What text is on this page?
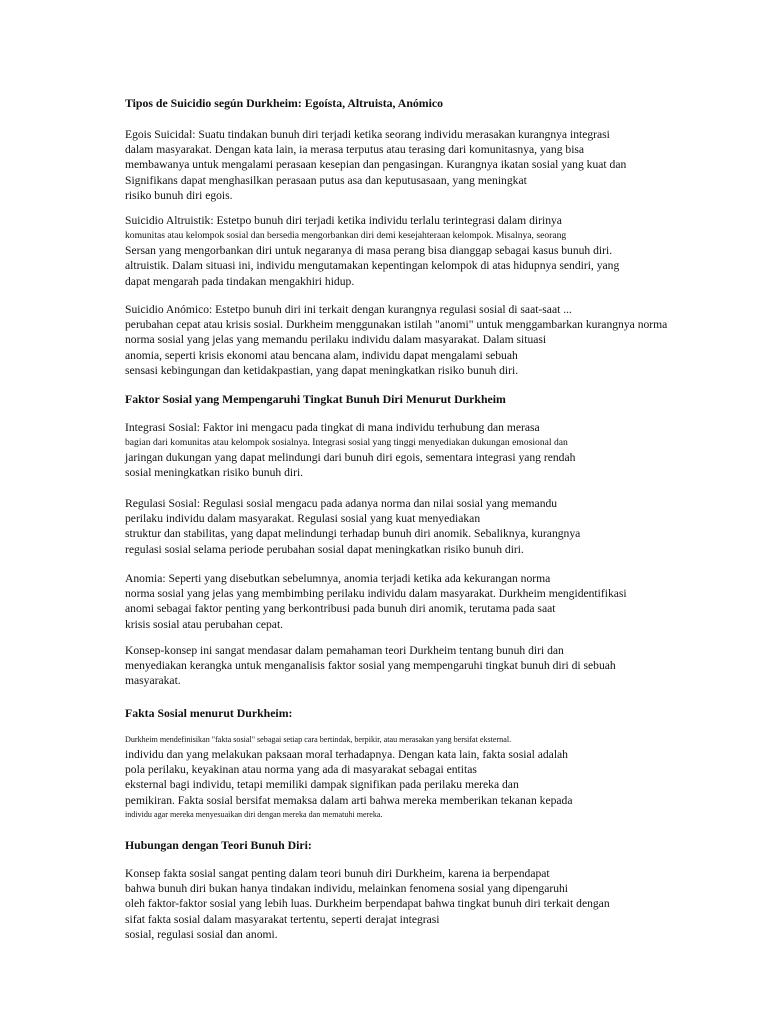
Tipos de Suicidio según Durkheim: Egoísta, Altruista, Anómico
Egois Suicidal: Suatu tindakan bunuh diri terjadi ketika seorang individu merasakan kurangnya integrasi
dalam masyarakat. Dengan kata lain, ia merasa terputus atau terasing dari komunitasnya, yang bisa
membawanya untuk mengalami perasaan kesepian dan pengasingan. Kurangnya ikatan sosial yang kuat dan
Signifikans dapat menghasilkan perasaan putus asa dan keputusasaan, yang meningkat
risiko bunuh diri egois.
Suicidio Altruistik: Estetpo bunuh diri terjadi ketika individu terlalu terintegrasi dalam dirinya
komunitas atau kelompok sosial dan bersedia mengorbankan diri demi kesejahteraan kelompok. Misalnya, seorang
Sersan yang mengorbankan diri untuk negaranya di masa perang bisa dianggap sebagai kasus bunuh diri.
altruistik. Dalam situasi ini, individu mengutamakan kepentingan kelompok di atas hidupnya sendiri, yang
dapat mengarah pada tindakan mengakhiri hidup.
Suicidio Anómico: Estetpo bunuh diri ini terkait dengan kurangnya regulasi sosial di saat-saat ...
perubahan cepat atau krisis sosial. Durkheim menggunakan istilah "anomi" untuk menggambarkan kurangnya norma
norma sosial yang jelas yang memandu perilaku individu dalam masyarakat. Dalam situasi
anomia, seperti krisis ekonomi atau bencana alam, individu dapat mengalami sebuah
sensasi kebingungan dan ketidakpastian, yang dapat meningkatkan risiko bunuh diri.
Faktor Sosial yang Mempengaruhi Tingkat Bunuh Diri Menurut Durkheim
Integrasi Sosial: Faktor ini mengacu pada tingkat di mana individu terhubung dan merasa
bagian dari komunitas atau kelompok sosialnya. Integrasi sosial yang tinggi menyediakan dukungan emosional dan
jaringan dukungan yang dapat melindungi dari bunuh diri egois, sementara integrasi yang rendah
sosial meningkatkan risiko bunuh diri.
Regulasi Sosial: Regulasi sosial mengacu pada adanya norma dan nilai sosial yang memandu
perilaku individu dalam masyarakat. Regulasi sosial yang kuat menyediakan
struktur dan stabilitas, yang dapat melindungi terhadap bunuh diri anomik. Sebaliknya, kurangnya
regulasi sosial selama periode perubahan sosial dapat meningkatkan risiko bunuh diri.
Anomia: Seperti yang disebutkan sebelumnya, anomia terjadi ketika ada kekurangan norma
norma sosial yang jelas yang membimbing perilaku individu dalam masyarakat. Durkheim mengidentifikasi
anomi sebagai faktor penting yang berkontribusi pada bunuh diri anomik, terutama pada saat
krisis sosial atau perubahan cepat.
Konsep-konsep ini sangat mendasar dalam pemahaman teori Durkheim tentang bunuh diri dan
menyediakan kerangka untuk menganalisis faktor sosial yang mempengaruhi tingkat bunuh diri di sebuah
masyarakat.
Fakta Sosial menurut Durkheim:
Durkheim mendefinisikan "fakta sosial" sebagai setiap cara bertindak, berpikir, atau merasakan yang bersifat eksternal.
individu dan yang melakukan paksaan moral terhadapnya. Dengan kata lain, fakta sosial adalah
pola perilaku, keyakinan atau norma yang ada di masyarakat sebagai entitas
eksternal bagi individu, tetapi memiliki dampak signifikan pada perilaku mereka dan
pemikiran. Fakta sosial bersifat memaksa dalam arti bahwa mereka memberikan tekanan kepada
individu agar mereka menyesuaikan diri dengan mereka dan mematuhi mereka.
Hubungan dengan Teori Bunuh Diri:
Konsep fakta sosial sangat penting dalam teori bunuh diri Durkheim, karena ia berpendapat
bahwa bunuh diri bukan hanya tindakan individu, melainkan fenomena sosial yang dipengaruhi
oleh faktor-faktor sosial yang lebih luas. Durkheim berpendapat bahwa tingkat bunuh diri terkait dengan
sifat fakta sosial dalam masyarakat tertentu, seperti derajat integrasi
sosial, regulasi sosial dan anomi.
